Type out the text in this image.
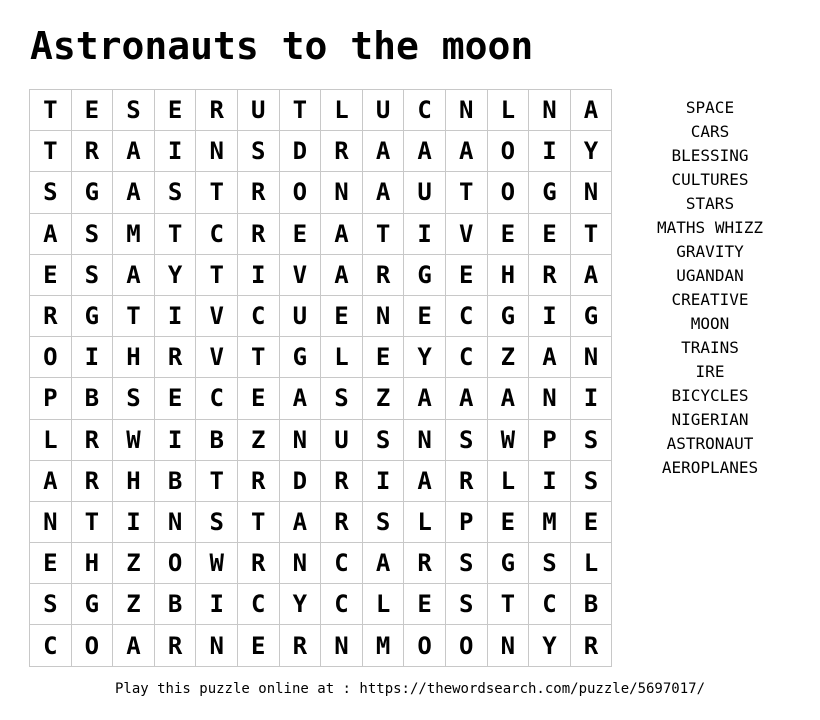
Astronauts to the moon
T	E	S	E	R	U	T	L	U	C	N	L	N	A
T	R	A	I	N	S	D	R	A	A	A	O	I	Y
S	G	A	S	T	R	O	N	A	U	T	O	G	N
A	S	M	T	C	R	E	A	T	I	V	E	E	T
E	S	A	Y	T	I	V	A	R	G	E	H	R	A
R	G	T	I	V	C	U	E	N	E	C	G	I	G
O	I	H	R	V	T	G	L	E	Y	C	Z	A	N
P	B	S	E	C	E	A	S	Z	A	A	A	N	I
L	R	W	I	B	Z	N	U	S	N	S	W	P	S
A	R	H	B	T	R	D	R	I	A	R	L	I	S
N	T	I	N	S	T	A	R	S	L	P	E	M	E
E	H	Z	O	W	R	N	C	A	R	S	G	S	L
S	G	Z	B	I	C	Y	C	L	E	S	T	C	B
C	O	A	R	N	E	R	N	M	O	O	N	Y	R
SPACE
CARS
BLESSING
CULTURES
STARS
MATHS WHIZZ
GRAVITY
UGANDAN
CREATIVE
MOON
TRAINS
IRE
BICYCLES
NIGERIAN
ASTRONAUT
AEROPLANES
Play this puzzle online at : https://thewordsearch.com/puzzle/5697017/
